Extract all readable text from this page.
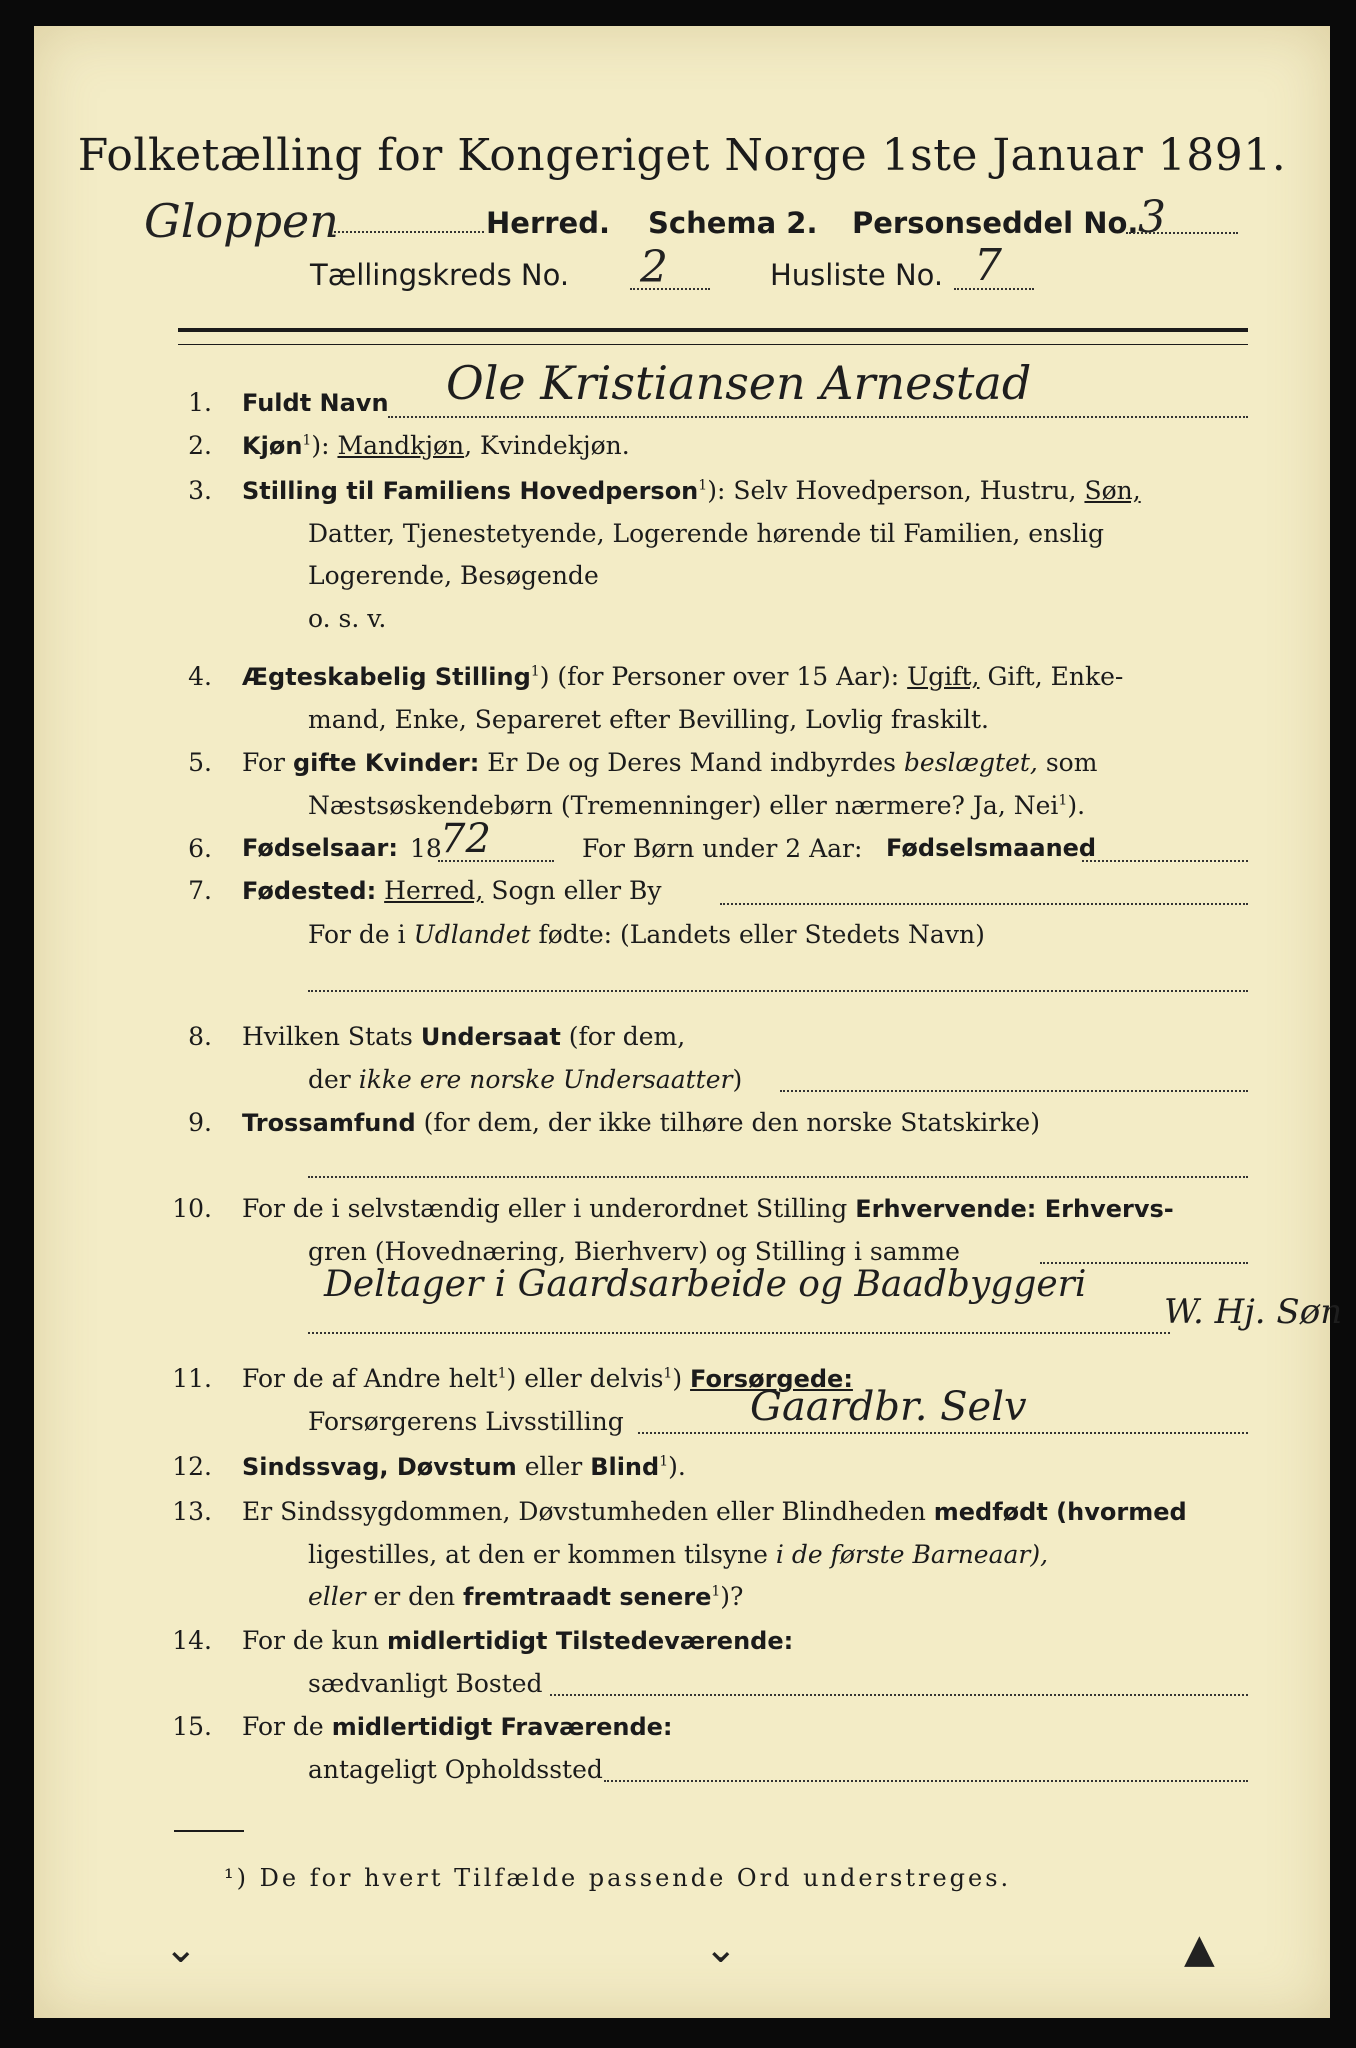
Folketælling for Kongeriget Norge 1ste Januar 1891.
Gloppen	Herred. Schema 2. Personseddel No. 3
Tællingskreds No. 2	Husliste No. 7
1. Fuldt Navn Ole Kristiansen Arnestad
2. Kjøn$^1$): Mandkjøn, Kvindekjøn.
3. Stilling til Familiens Hovedperson$^1$): Selv Hovedperson, Hustru, Søn,
Datter, Tjenestetyende, Logerende hørende til Familien, enslig
Logerende, Besøgende
o. s. v.
4. Ægteskabelig Stilling$^1$) (for Personer over 15 Aar): Ugift, Gift, Enke-
mand, Enke, Separeret efter Bevilling, Lovlig fraskilt.
5. For gifte Kvinder: Er De og Deres Mand indbyrdes beslægtet, som
Næstsøskendebørn (Tremenninger) eller nærmere? Ja, Nei$^1$).
6. Fødselsaar: 18
72	For Børn under 2 Aar: Fødselsmaaned
7. Fødested: Herred, Sogn eller By
For de i Udlandet fødte: (Landets eller Stedets Navn)
8. Hvilken Stats Undersaat (for dem,
der ikke ere norske Undersaatter)
9. Trossamfund (for dem, der ikke tilhøre den norske Statskirke)
10. For de i selvstændig eller i underordnet Stilling Erhvervende: Erhvervs-
gren (Hovednæring, Bierhverv) og Stilling i samme
Deltager i Gaardsarbeide og Baadbyggeri
W. Hj. Søn
11. For de af Andre helt$^1$) eller delvis$^1$) Forsørgede:
Forsørgerens Livsstilling	Gaardbr. Selv
12. Sindssvag, Døvstum eller Blind$^1$).
13. Er Sindssygdommen, Døvstumheden eller Blindheden medfødt (hvormed
ligestilles, at den er kommen tilsyne i de første Barneaar),
eller er den fremtraadt senere$^1$)?
14. For de kun midlertidigt Tilstedeværende:
sædvanligt Bosted
15. For de midlertidigt Fraværende:
antageligt Opholdssted
¹) De for hvert Tilfælde passende Ord understreges.
⌄	⌄	▲
